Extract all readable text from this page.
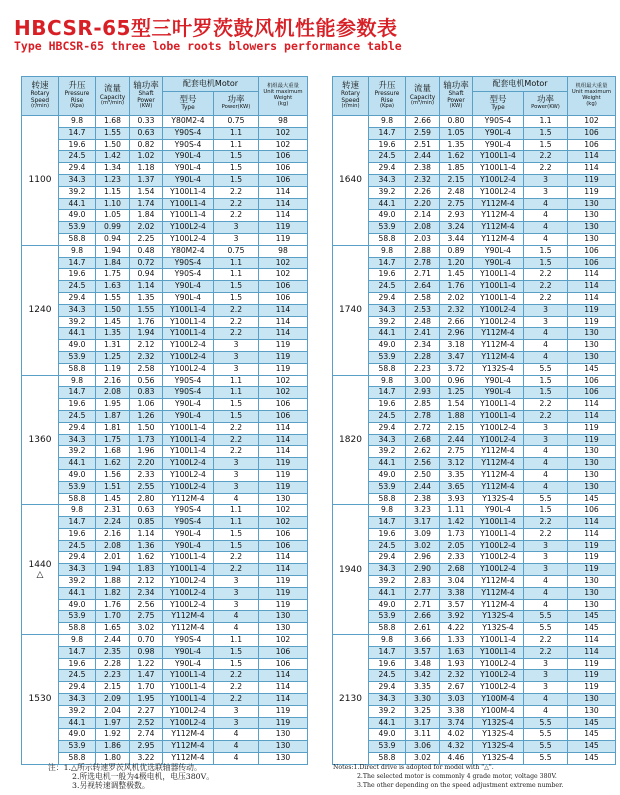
HBCSR-65型三叶罗茨鼓风机性能参数表
Type HBCSR-65 three lobe roots blowers performance table
转速
Rotary
Speed
(r/min)	升压
Pressure
Rise
(Kpa)	流量
Capacity
(m³/min)	轴功率
Shaft
Power
(KW)	配套电机Motor		机组最大重量
Unit maximum
Weight
(kg)

				型号
Type	功率
Power(KW)	

1100	9.8	1.68	0.33	Y80M2-4	0.75	98
	14.7	1.55	0.63	Y90S-4	1.1	102
	19.6	1.50	0.82	Y90S-4	1.1	102
	24.5	1.42	1.02	Y90L-4	1.5	106
	29.4	1.34	1.18	Y90L-4	1.5	106
	34.3	1.23	1.37	Y90L-4	1.5	106
	39.2	1.15	1.54	Y100L1-4	2.2	114
	44.1	1.10	1.74	Y100L1-4	2.2	114
	49.0	1.05	1.84	Y100L1-4	2.2	114
	53.9	0.99	2.02	Y100L2-4	3	119
	58.8	0.94	2.25	Y100L2-4	3	119

1240	9.8	1.94	0.48	Y80M2-4	0.75	98
	14.7	1.84	0.72	Y90S-4	1.1	102
	19.6	1.75	0.94	Y90S-4	1.1	102
	24.5	1.63	1.14	Y90L-4	1.5	106
	29.4	1.55	1.35	Y90L-4	1.5	106
	34.3	1.50	1.55	Y100L1-4	2.2	114
	39.2	1.45	1.76	Y100L1-4	2.2	114
	44.1	1.35	1.94	Y100L1-4	2.2	114
	49.0	1.31	2.12	Y100L2-4	3	119
	53.9	1.25	2.32	Y100L2-4	3	119
	58.8	1.19	2.58	Y100L2-4	3	119

1360	9.8	2.16	0.56	Y90S-4	1.1	102
	14.7	2.08	0.83	Y90S-4	1.1	102
	19.6	1.95	1.06	Y90L-4	1.5	106
	24.5	1.87	1.26	Y90L-4	1.5	106
	29.4	1.81	1.50	Y100L1-4	2.2	114
	34.3	1.75	1.73	Y100L1-4	2.2	114
	39.2	1.68	1.96	Y100L1-4	2.2	114
	44.1	1.62	2.20	Y100L2-4	3	119
	49.0	1.56	2.33	Y100L2-4	3	119
	53.9	1.51	2.55	Y100L2-4	3	119
	58.8	1.45	2.80	Y112M-4	4	130

1440
△	9.8	2.31	0.63	Y90S-4	1.1	102
	14.7	2.24	0.85	Y90S-4	1.1	102
	19.6	2.16	1.14	Y90L-4	1.5	106
	24.5	2.08	1.36	Y90L-4	1.5	106
	29.4	2.01	1.62	Y100L1-4	2.2	114
	34.3	1.94	1.83	Y100L1-4	2.2	114
	39.2	1.88	2.12	Y100L2-4	3	119
	44.1	1.82	2.34	Y100L2-4	3	119
	49.0	1.76	2.56	Y100L2-4	3	119
	53.9	1.70	2.75	Y112M-4	4	130
	58.8	1.65	3.02	Y112M-4	4	130

1530	9.8	2.44	0.70	Y90S-4	1.1	102
	14.7	2.35	0.98	Y90L-4	1.5	106
	19.6	2.28	1.22	Y90L-4	1.5	106
	24.5	2.23	1.47	Y100L1-4	2.2	114
	29.4	2.15	1.70	Y100L1-4	2.2	114
	34.3	2.09	1.95	Y100L1-4	2.2	114
	39.2	2.04	2.27	Y100L2-4	3	119
	44.1	1.97	2.52	Y100L2-4	3	119
	49.0	1.92	2.74	Y112M-4	4	130
	53.9	1.86	2.95	Y112M-4	4	130
	58.8	1.80	3.22	Y112M-4	4	130
转速
Rotary
Speed
(r/min)	升压
Pressure
Rise
(Kpa)	流量
Capacity
(m³/min)	轴功率
Shaft
Power
(KW)	配套电机Motor		机组最大重量
Unit maximum
Weight
(kg)

				型号
Type	功率
Power(KW)	

1640	9.8	2.66	0.80	Y90S-4	1.1	102
	14.7	2.59	1.05	Y90L-4	1.5	106
	19.6	2.51	1.35	Y90L-4	1.5	106
	24.5	2.44	1.62	Y100L1-4	2.2	114
	29.4	2.38	1.85	Y100L1-4	2.2	114
	34.3	2.32	2.15	Y100L2-4	3	119
	39.2	2.26	2.48	Y100L2-4	3	119
	44.1	2.20	2.75	Y112M-4	4	130
	49.0	2.14	2.93	Y112M-4	4	130
	53.9	2.08	3.24	Y112M-4	4	130
	58.8	2.03	3.44	Y112M-4	4	130

1740	9.8	2.88	0.89	Y90L-4	1.5	106
	14.7	2.78	1.20	Y90L-4	1.5	106
	19.6	2.71	1.45	Y100L1-4	2.2	114
	24.5	2.64	1.76	Y100L1-4	2.2	114
	29.4	2.58	2.02	Y100L1-4	2.2	114
	34.3	2.53	2.32	Y100L2-4	3	119
	39.2	2.48	2.66	Y100L2-4	3	119
	44.1	2.41	2.96	Y112M-4	4	130
	49.0	2.34	3.18	Y112M-4	4	130
	53.9	2.28	3.47	Y112M-4	4	130
	58.8	2.23	3.72	Y132S-4	5.5	145

1820	9.8	3.00	0.96	Y90L-4	1.5	106
	14.7	2.93	1.25	Y90L-4	1.5	106
	19.6	2.85	1.54	Y100L1-4	2.2	114
	24.5	2.78	1.88	Y100L1-4	2.2	114
	29.4	2.72	2.15	Y100L2-4	3	119
	34.3	2.68	2.44	Y100L2-4	3	119
	39.2	2.62	2.75	Y112M-4	4	130
	44.1	2.56	3.12	Y112M-4	4	130
	49.0	2.50	3.35	Y112M-4	4	130
	53.9	2.44	3.65	Y112M-4	4	130
	58.8	2.38	3.93	Y132S-4	5.5	145

1940	9.8	3.23	1.11	Y90L-4	1.5	106
	14.7	3.17	1.42	Y100L1-4	2.2	114
	19.6	3.09	1.73	Y100L1-4	2.2	114
	24.5	3.02	2.05	Y100L2-4	3	119
	29.4	2.96	2.33	Y100L2-4	3	119
	34.3	2.90	2.68	Y100L2-4	3	119
	39.2	2.83	3.04	Y112M-4	4	130
	44.1	2.77	3.38	Y112M-4	4	130
	49.0	2.71	3.57	Y112M-4	4	130
	53.9	2.66	3.92	Y132S-4	5.5	145
	58.8	2.61	4.22	Y132S-4	5.5	145

2130	9.8	3.66	1.33	Y100L1-4	2.2	114
	14.7	3.57	1.63	Y100L1-4	2.2	114
	19.6	3.48	1.93	Y100L2-4	3	119
	24.5	3.42	2.32	Y100L2-4	3	119
	29.4	3.35	2.67	Y100L2-4	3	119
	34.3	3.30	3.03	Y100M-4	4	130
	39.2	3.25	3.38	Y100M-4	4	130
	44.1	3.17	3.74	Y132S-4	5.5	145
	49.0	3.11	4.02	Y132S-4	5.5	145
	53.9	3.06	4.32	Y132S-4	5.5	145
	58.8	3.02	4.46	Y132S-4	5.5	145
注：1.△所示转速罗茨风机优选联轴器传动。
2.所选电机一般为4极电机，电压380V。
3.另视转速调整极数。
Notes:1.Direct drive is adopted for model with "△".
2.The selected motor is commonly 4 grade motor, voltage 380V.
3.The other depending on the speed adjustment extreme number.
